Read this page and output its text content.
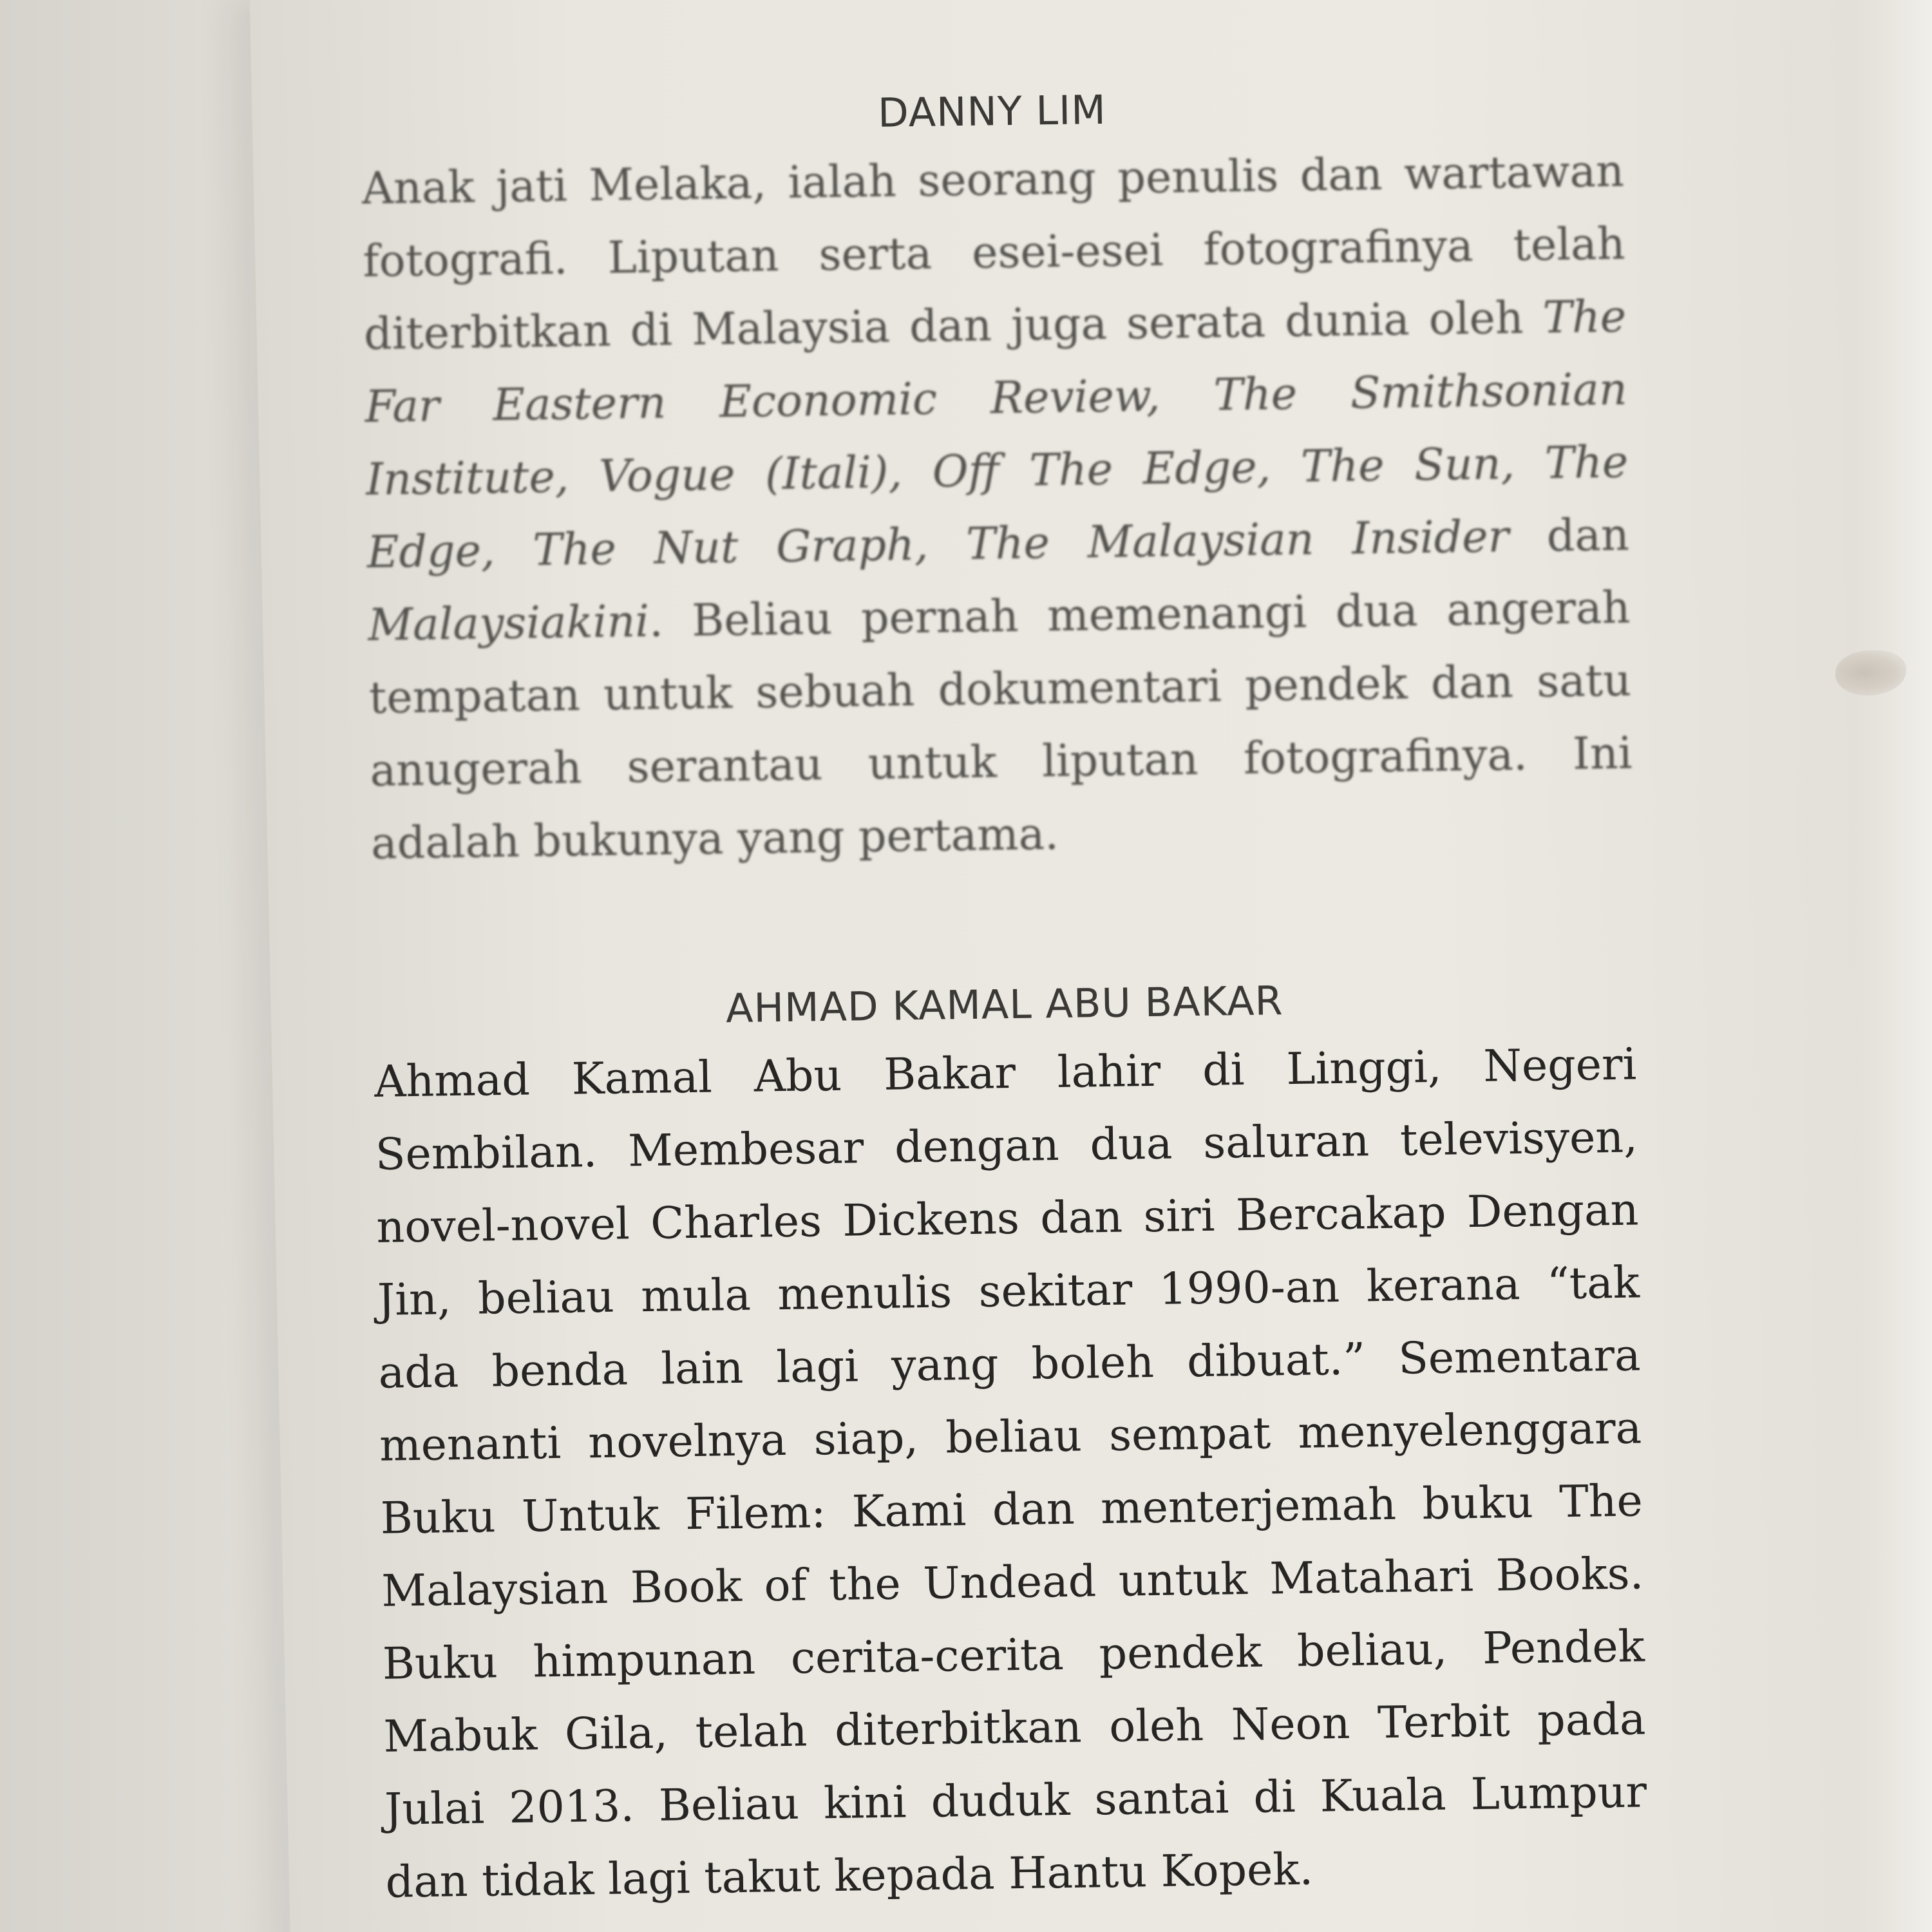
DANNY LIM

Anak jati Melaka, ialah seorang penulis dan wartawan fotografi. Liputan serta esei-esei fotografinya telah diterbitkan di Malaysia dan juga serata dunia oleh The Far Eastern Economic Review, The Smithsonian Institute, Vogue (Itali), Off The Edge, The Sun, The Edge, The Nut Graph, The Malaysian Insider dan Malaysiakini. Beliau pernah memenangi dua angerah tempatan untuk sebuah dokumentari pendek dan satu anugerah serantau untuk liputan fotografinya. Ini adalah bukunya yang pertama.

AHMAD KAMAL ABU BAKAR

Ahmad Kamal Abu Bakar lahir di Linggi, Negeri Sembilan. Membesar dengan dua saluran televisyen, novel-novel Charles Dickens dan siri Bercakap Dengan Jin, beliau mula menulis sekitar 1990-an kerana “tak ada benda lain lagi yang boleh dibuat.” Sementara menanti novelnya siap, beliau sempat menyelenggara Buku Untuk Filem: Kami dan menterjemah buku The Malaysian Book of the Undead untuk Matahari Books. Buku himpunan cerita-cerita pendek beliau, Pendek Mabuk Gila, telah diterbitkan oleh Neon Terbit pada Julai 2013. Beliau kini duduk santai di Kuala Lumpur dan tidak lagi takut kepada Hantu Kopek.
